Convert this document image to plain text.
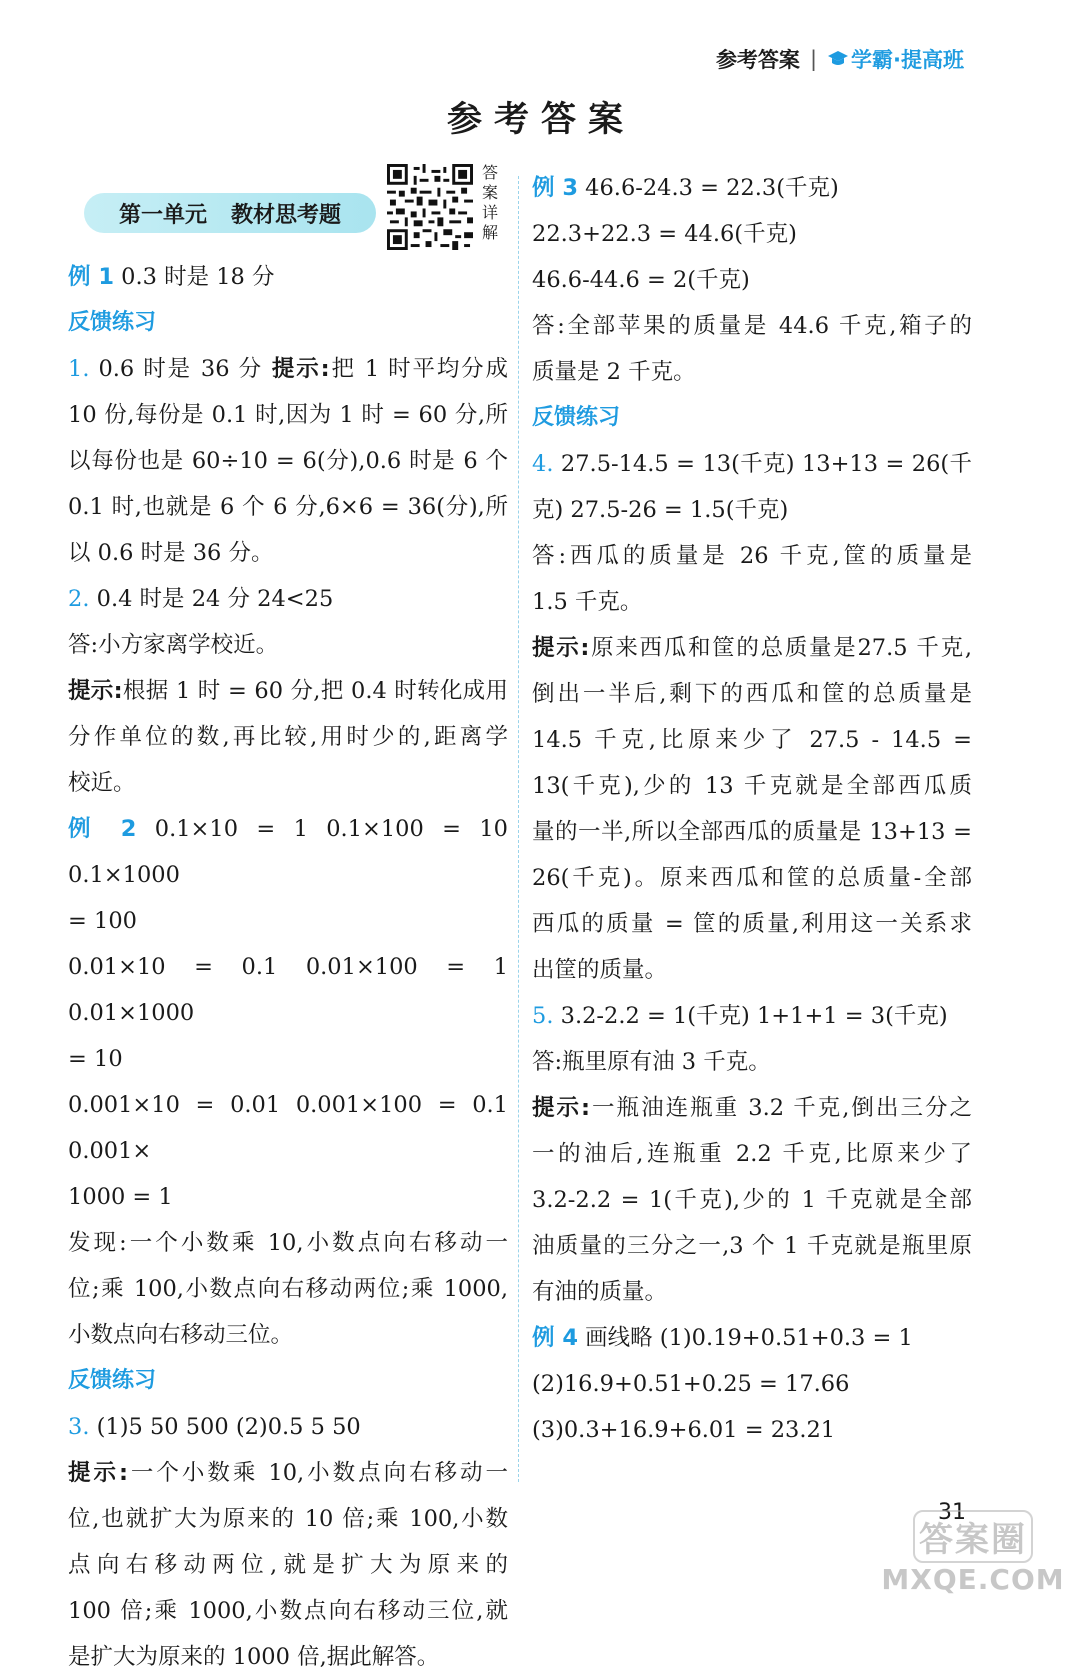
参考答案 | 学霸·提高班
参考答案
第一单元 教材思考题
答
案
详
解

例 1 0.3 时是 18 分

反馈练习

1. 0.6 时是 36 分 提示:把 1 时平均分成

10 份,每份是 0.1 时,因为 1 时 = 60 分,所

以每份也是 60÷10 = 6(分),0.6 时是 6 个

0.1 时,也就是 6 个 6 分,6×6 = 36(分),所

以 0.6 时是 36 分。

2. 0.4 时是 24 分 24<25

答:小方家离学校近。

提示:根据 1 时 = 60 分,把 0.4 时转化成用

分作单位的数,再比较,用时少的,距离学

校近。

例 2 0.1×10 = 1 0.1×100 = 10 0.1×1000

= 100

0.01×10 = 0.1 0.01×100 = 1 0.01×1000

= 10

0.001×10 = 0.01 0.001×100 = 0.1 0.001×

1000 = 1

发现:一个小数乘 10,小数点向右移动一

位;乘 100,小数点向右移动两位;乘 1000,

小数点向右移动三位。

反馈练习

3. (1)5 50 500 (2)0.5 5 50

提示:一个小数乘 10,小数点向右移动一

位,也就扩大为原来的 10 倍;乘 100,小数

点向右移动两位,就是扩大为原来的

100 倍;乘 1000,小数点向右移动三位,就

是扩大为原来的 1000 倍,据此解答。

例 3 46.6-24.3 = 22.3(千克)

22.3+22.3 = 44.6(千克)

46.6-44.6 = 2(千克)

答:全部苹果的质量是 44.6 千克,箱子的

质量是 2 千克。

反馈练习

4. 27.5-14.5 = 13(千克) 13+13 = 26(千

克) 27.5-26 = 1.5(千克)

答:西瓜的质量是 26 千克,筐的质量是

1.5 千克。

提示:原来西瓜和筐的总质量是27.5 千克,

倒出一半后,剩下的西瓜和筐的总质量是

14.5 千克,比原来少了 27.5 - 14.5 =

13(千克),少的 13 千克就是全部西瓜质

量的一半,所以全部西瓜的质量是 13+13 =

26(千克)。原来西瓜和筐的总质量-全部

西瓜的质量 = 筐的质量,利用这一关系求

出筐的质量。

5. 3.2-2.2 = 1(千克) 1+1+1 = 3(千克)

答:瓶里原有油 3 千克。

提示:一瓶油连瓶重 3.2 千克,倒出三分之

一的油后,连瓶重 2.2 千克,比原来少了

3.2-2.2 = 1(千克),少的 1 千克就是全部

油质量的三分之一,3 个 1 千克就是瓶里原

有油的质量。

例 4 画线略 (1)0.19+0.51+0.3 = 1

(2)16.9+0.51+0.25 = 17.66

(3)0.3+16.9+6.01 = 23.21

31
答案圈
MXQE.COM
